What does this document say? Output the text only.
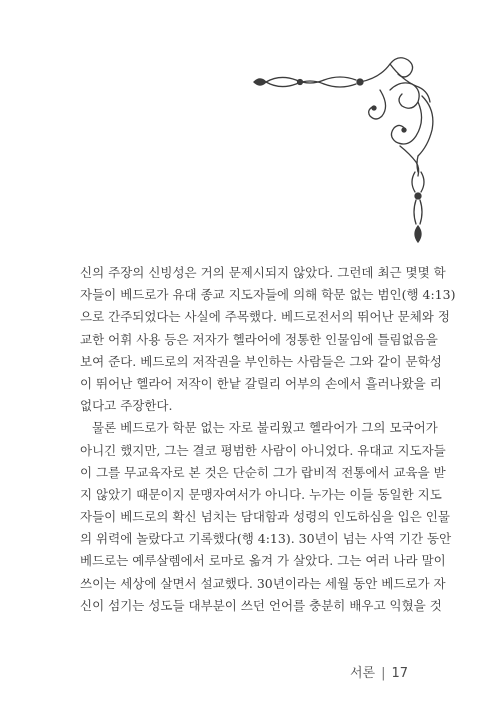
신의 주장의 신빙성은 거의 문제시되지 않았다. 그런데 최근 몇몇 학
자들이 베드로가 유대 종교 지도자들에 의해 학문 없는 범인(행 4:13)
으로 간주되었다는 사실에 주목했다. 베드로전서의 뛰어난 문체와 정
교한 어휘 사용 등은 저자가 헬라어에 정통한 인물임에 틀림없음을
보여 준다. 베드로의 저작권을 부인하는 사람들은 그와 같이 문학성
이 뛰어난 헬라어 저작이 한낱 갈릴리 어부의 손에서 흘러나왔을 리
없다고 주장한다.
물론 베드로가 학문 없는 자로 불리웠고 헬라어가 그의 모국어가
아니긴 했지만, 그는 결코 평범한 사람이 아니었다. 유대교 지도자들
이 그를 무교육자로 본 것은 단순히 그가 랍비적 전통에서 교육을 받
지 않았기 때문이지 문맹자여서가 아니다. 누가는 이들 동일한 지도
자들이 베드로의 확신 넘치는 담대함과 성령의 인도하심을 입은 인물
의 위력에 놀랐다고 기록했다(행 4:13). 30년이 넘는 사역 기간 동안
베드로는 예루살렘에서 로마로 옮겨 가 살았다. 그는 여러 나라 말이
쓰이는 세상에 살면서 설교했다. 30년이라는 세월 동안 베드로가 자
신이 섬기는 성도들 대부분이 쓰던 언어를 충분히 배우고 익혔을 것
서론 | 17
